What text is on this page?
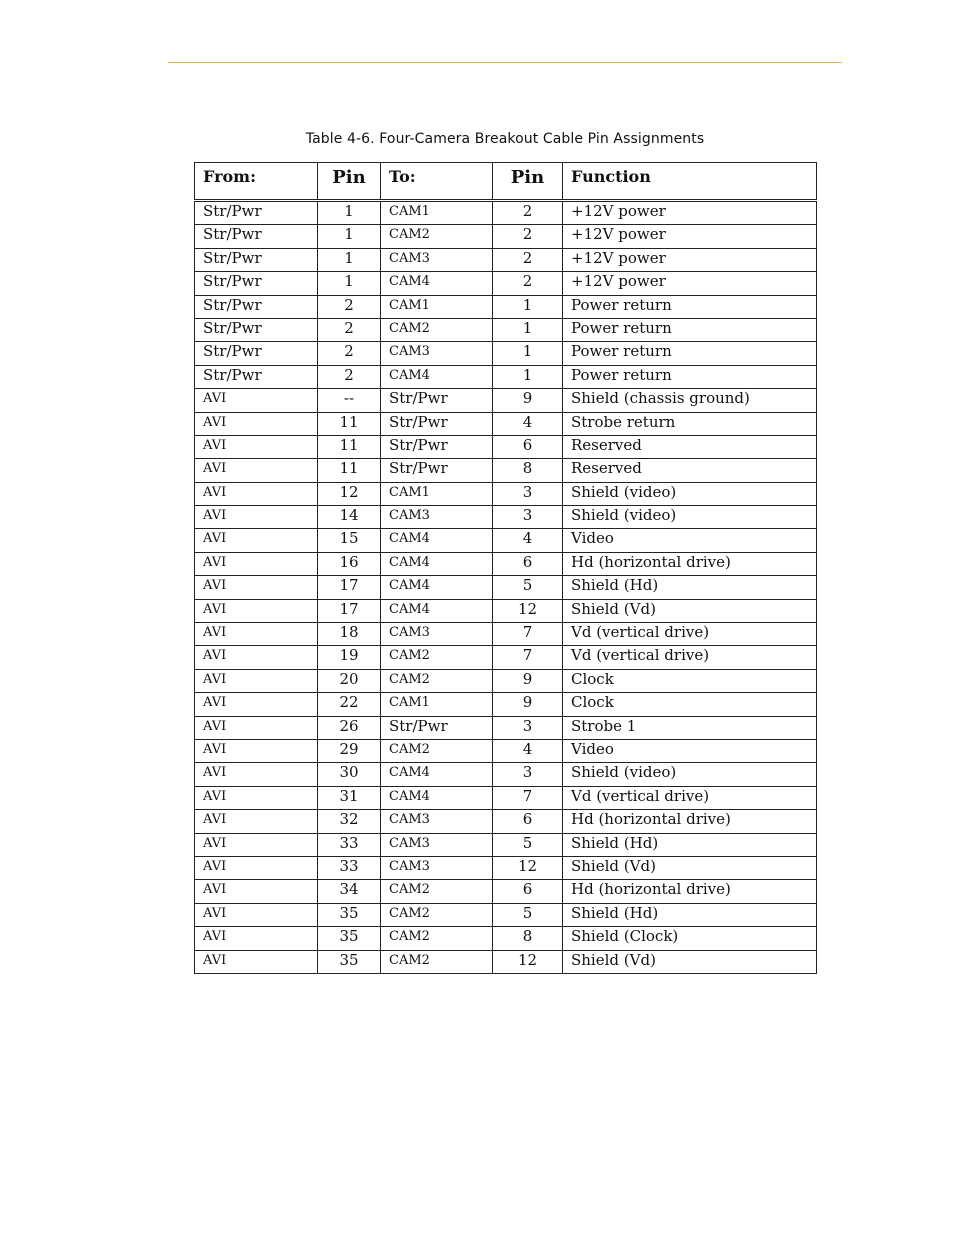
Table 4-6. Four-Camera Breakout Cable Pin Assignments
From:	Pin	To:	Pin	Function
Str/Pwr	1	CAM1	2	+12V power
Str/Pwr	1	CAM2	2	+12V power
Str/Pwr	1	CAM3	2	+12V power
Str/Pwr	1	CAM4	2	+12V power
Str/Pwr	2	CAM1	1	Power return
Str/Pwr	2	CAM2	1	Power return
Str/Pwr	2	CAM3	1	Power return
Str/Pwr	2	CAM4	1	Power return
AVI	--	Str/Pwr	9	Shield (chassis ground)
AVI	11	Str/Pwr	4	Strobe return
AVI	11	Str/Pwr	6	Reserved
AVI	11	Str/Pwr	8	Reserved
AVI	12	CAM1	3	Shield (video)
AVI	14	CAM3	3	Shield (video)
AVI	15	CAM4	4	Video
AVI	16	CAM4	6	Hd (horizontal drive)
AVI	17	CAM4	5	Shield (Hd)
AVI	17	CAM4	12	Shield (Vd)
AVI	18	CAM3	7	Vd (vertical drive)
AVI	19	CAM2	7	Vd (vertical drive)
AVI	20	CAM2	9	Clock
AVI	22	CAM1	9	Clock
AVI	26	Str/Pwr	3	Strobe 1
AVI	29	CAM2	4	Video
AVI	30	CAM4	3	Shield (video)
AVI	31	CAM4	7	Vd (vertical drive)
AVI	32	CAM3	6	Hd (horizontal drive)
AVI	33	CAM3	5	Shield (Hd)
AVI	33	CAM3	12	Shield (Vd)
AVI	34	CAM2	6	Hd (horizontal drive)
AVI	35	CAM2	5	Shield (Hd)
AVI	35	CAM2	8	Shield (Clock)
AVI	35	CAM2	12	Shield (Vd)
